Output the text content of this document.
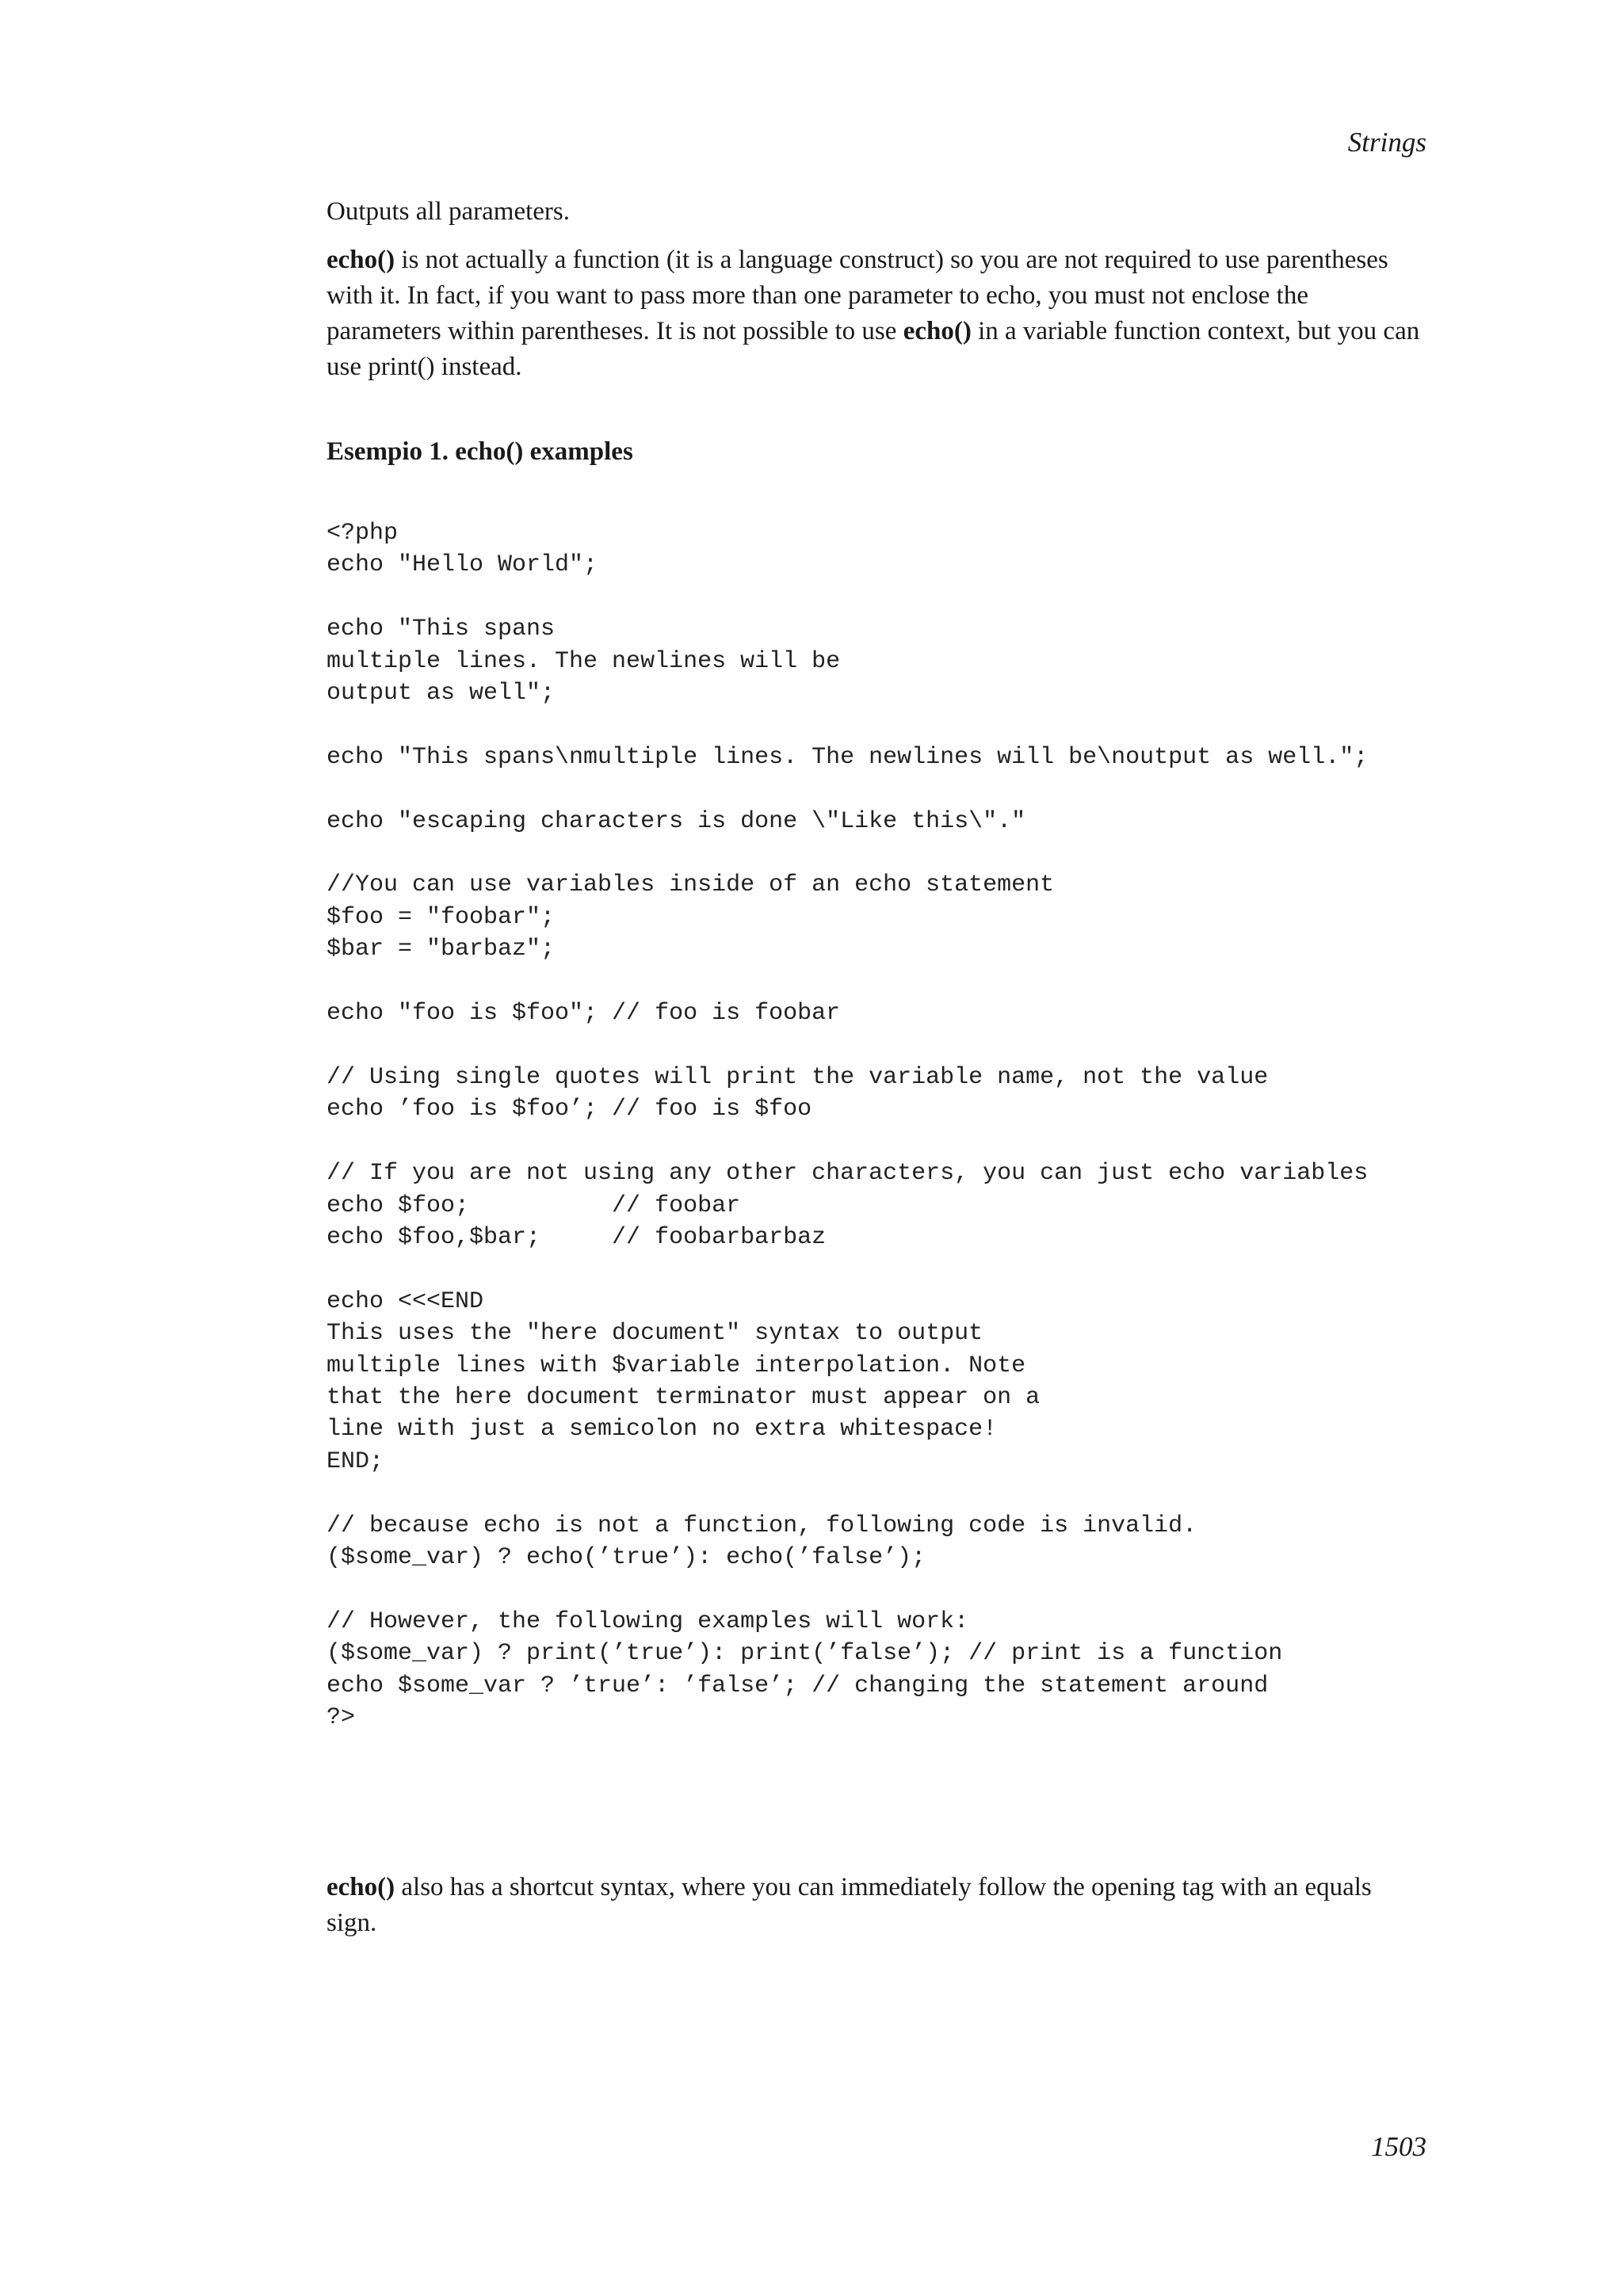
Strings

Outputs all parameters.

echo() is not actually a function (it is a language construct) so you are not required to use parentheses with it. In fact, if you want to pass more than one parameter to echo, you must not enclose the parameters within parentheses. It is not possible to use echo() in a variable function context, but you can use print() instead.

Esempio 1. echo() examples
<?php
echo "Hello World";

echo "This spans
multiple lines. The newlines will be
output as well";

echo "This spans\nmultiple lines. The newlines will be\noutput as well.";

echo "escaping characters is done \"Like this\"."

//You can use variables inside of an echo statement
$foo = "foobar";
$bar = "barbaz";

echo "foo is $foo"; // foo is foobar

// Using single quotes will print the variable name, not the value
echo ’foo is $foo’; // foo is $foo

// If you are not using any other characters, you can just echo variables
echo $foo;          // foobar
echo $foo,$bar;     // foobarbarbaz

echo <<<END
This uses the "here document" syntax to output
multiple lines with $variable interpolation. Note
that the here document terminator must appear on a
line with just a semicolon no extra whitespace!
END;

// because echo is not a function, following code is invalid.
($some_var) ? echo(’true’): echo(’false’);

// However, the following examples will work:
($some_var) ? print(’true’): print(’false’); // print is a function
echo $some_var ? ’true’: ’false’; // changing the statement around
?>

echo() also has a shortcut syntax, where you can immediately follow the opening tag with an equals sign.

1503
